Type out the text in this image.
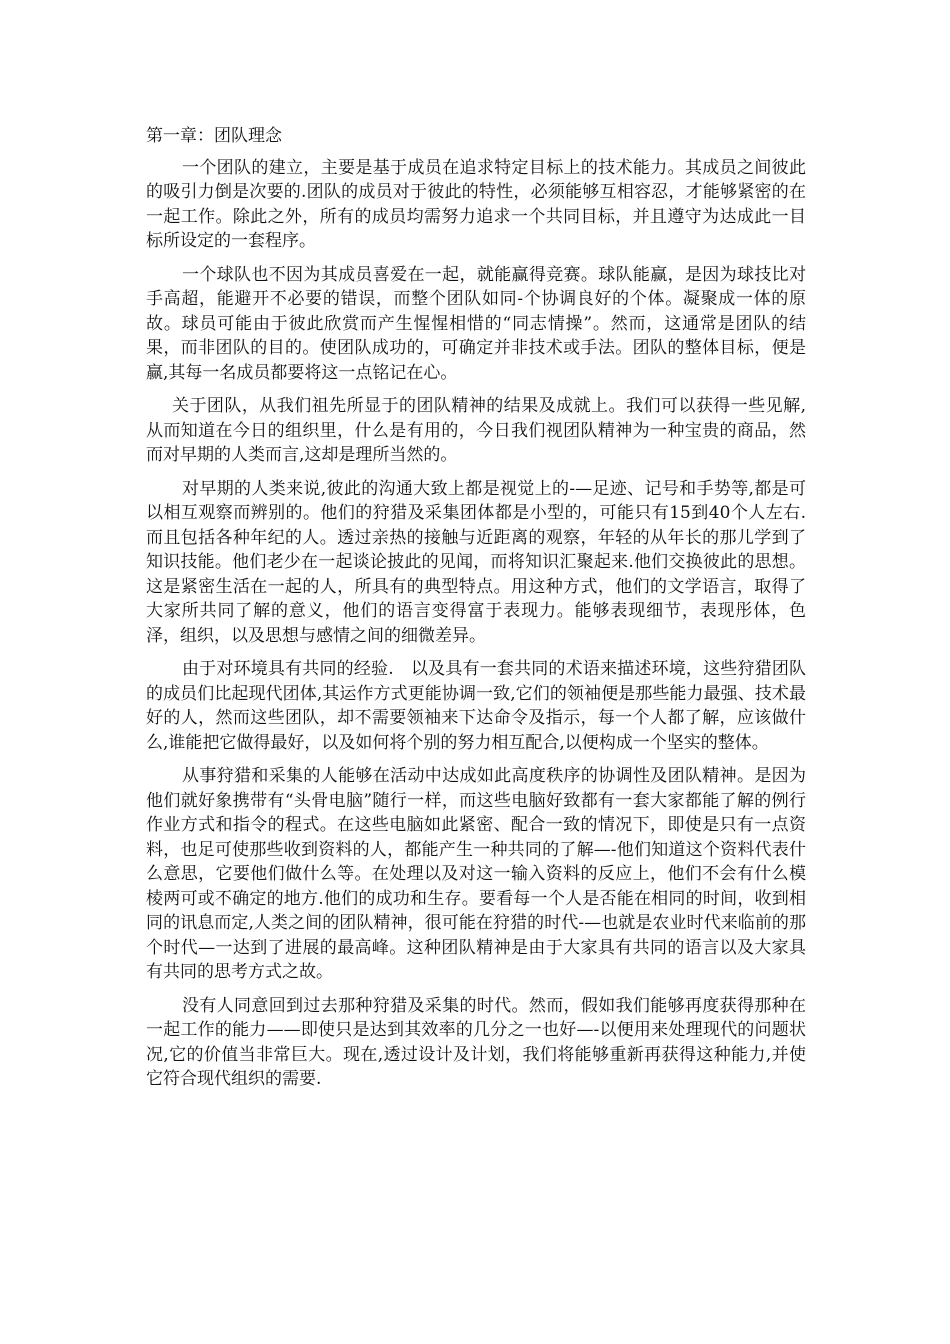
第一章：团队理念

一个团队的建立，主要是基于成员在追求特定目标上的技术能力。其成员之间彼此的吸引力倒是次要的.团队的成员对于彼此的特性，必须能够互相容忍，才能够紧密的在一起工作。除此之外，所有的成员均需努力追求一个共同目标，并且遵守为达成此一目标所设定的一套程序。

一个球队也不因为其成员喜爱在一起，就能赢得竞赛。球队能赢，是因为球技比对手高超，能避开不必要的错误，而整个团队如同-个协调良好的个体。凝聚成一体的原故。球员可能由于彼此欣赏而产生惺惺相惜的“同志情操”。然而，这通常是团队的结果，而非团队的目的。使团队成功的，可确定并非技术或手法。团队的整体目标，便是赢,其每一名成员都要将这一点铭记在心。

关于团队，从我们祖先所显于的团队精神的结果及成就上。我们可以获得一些见解,从而知道在今日的组织里，什么是有用的，今日我们视团队精神为一种宝贵的商品，然而对早期的人类而言,这却是理所当然的。

对早期的人类来说,彼此的沟通大致上都是视觉上的-—足迹、记号和手势等,都是可以相互观察而辨别的。他们的狩猎及采集团体都是小型的，可能只有15到40个人左右. 而且包括各种年纪的人。透过亲热的接触与近距离的观察，年轻的从年长的那儿学到了知识技能。他们老少在一起谈论披此的见闻，而将知识汇聚起来.他们交换彼此的思想。这是紧密生活在一起的人，所具有的典型特点。用这种方式，他们的文学语言，取得了大家所共同了解的意义，他们的语言变得富于表现力。能够表现细节，表现彤体，色泽，组织，以及思想与感情之间的细微差异。

由于对环境具有共同的经验.　以及具有一套共同的术语来描述环境，这些狩猎团队的成员们比起现代团体,其运作方式更能协调一致,它们的领袖便是那些能力最强、技术最好的人，然而这些团队，却不需要领袖来下达命令及指示，每一个人都了解，应该做什么,谁能把它做得最好，以及如何将个别的努力相互配合,以便构成一个坚实的整体。

从事狩猎和采集的人能够在活动中达成如此高度秩序的协调性及团队精神。是因为他们就好象携带有“头骨电脑”随行一样，而这些电脑好致都有一套大家都能了解的例行作业方式和指令的程式。在这些电脑如此紧密、配合一致的情况下，即使是只有一点资料，也足可使那些收到资料的人，都能产生一种共同的了解—-他们知道这个资料代表什么意思，它要他们做什么等。在处理以及对这一输入资料的反应上，他们不会有什么模棱两可或不确定的地方.他们的成功和生存。要看每一个人是否能在相同的时间，收到相同的讯息而定,人类之间的团队精神，很可能在狩猎的时代-—也就是农业时代来临前的那个时代—一达到了进展的最高峰。这种团队精神是由于大家具有共同的语言以及大家具有共同的思考方式之故。

没有人同意回到过去那种狩猎及采集的时代。然而，假如我们能够再度获得那种在一起工作的能力——即使只是达到其效率的几分之一也好—-以便用来处理现代的问题状况,它的价值当非常巨大。现在,透过设计及计划，我们将能够重新再获得这种能力,并使它符合现代组织的需要.
